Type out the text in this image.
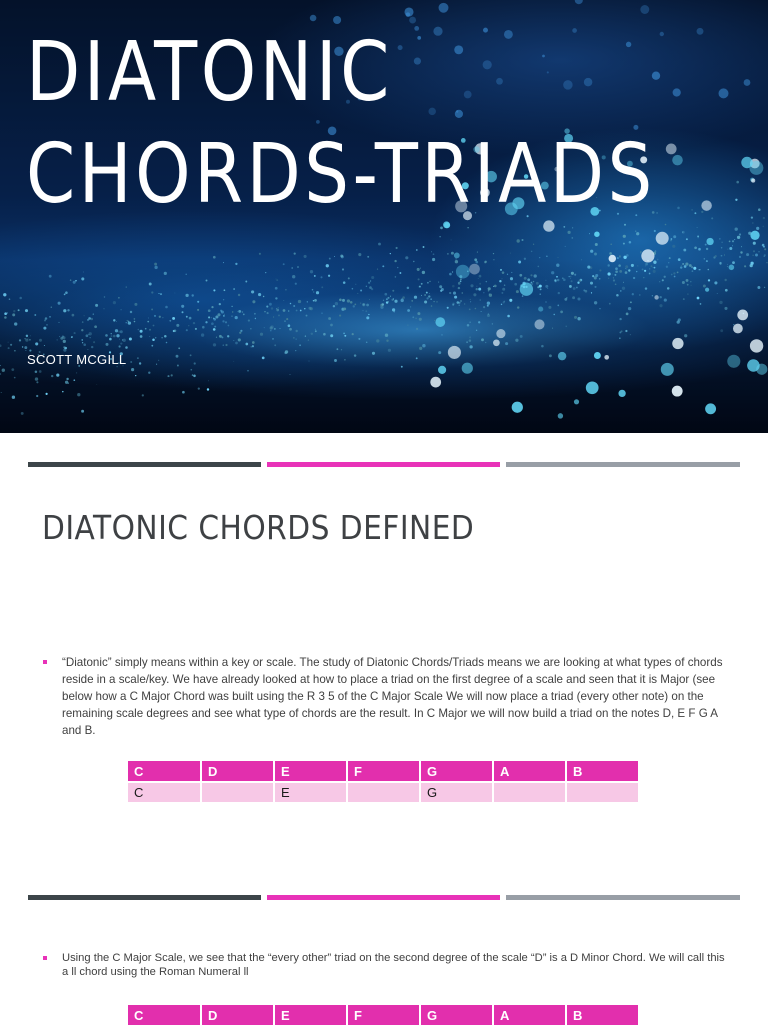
DIATONIC
CHORDS-TRIADS
SCOTT MCGILL
DIATONIC CHORDS DEFINED
“Diatonic” simply means within a key or scale. The study of Diatonic Chords/Triads means we are looking at what types of chords reside in a scale/key. We have already looked at how to place a triad on the first degree of a scale and seen that it is Major (see below how a C Major Chord was built using the R 3 5 of the C Major Scale We will now place a triad (every other note) on the remaining scale degrees and see what type of chords are the result. In C Major we will now build a triad on the notes D, E F G A and B.
C	D	E	F	G	A	B
C		E		G		
Using the C Major Scale, we see that the “every other” triad on the second degree of the scale “D” is a D Minor Chord. We will call this a ll chord using the Roman Numeral ll
C	D	E	F	G	A	B
